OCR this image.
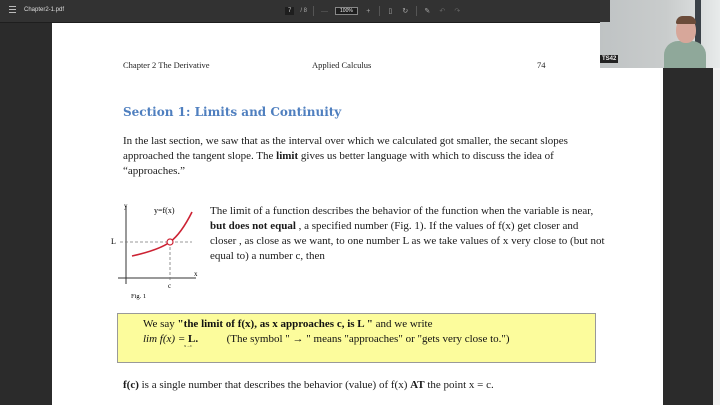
Chapter2-1.pdf	7	/ 8 —	100%	+	▯	↻ ✎ ↶ ↷
Chapter 2 The Derivative	Applied Calculus	74
Section 1: Limits and Continuity
In the last section, we saw that as the interval over which we calculated got smaller, the secant slopes approached the tangent slope. The limit gives us better language with which to discuss the idea of “approaches.”
y	y=f(x)
L
x
c
Fig. 1
The limit of a function describes the behavior of the function when the variable is near, but does not equal , a specified number (Fig. 1). If the values of f(x) get closer and closer , as close as we want, to one number L as we take values of x very close to (but not equal to) a number c, then
We say "the limit of f(x), as x approaches c, is L " and we write
$\lim f(x) = L._{x\to c}$ (The symbol " → " means "approaches" or "gets very close to.")
f(c) is a single number that describes the behavior (value) of f(x) AT the point x = c.
TS42
